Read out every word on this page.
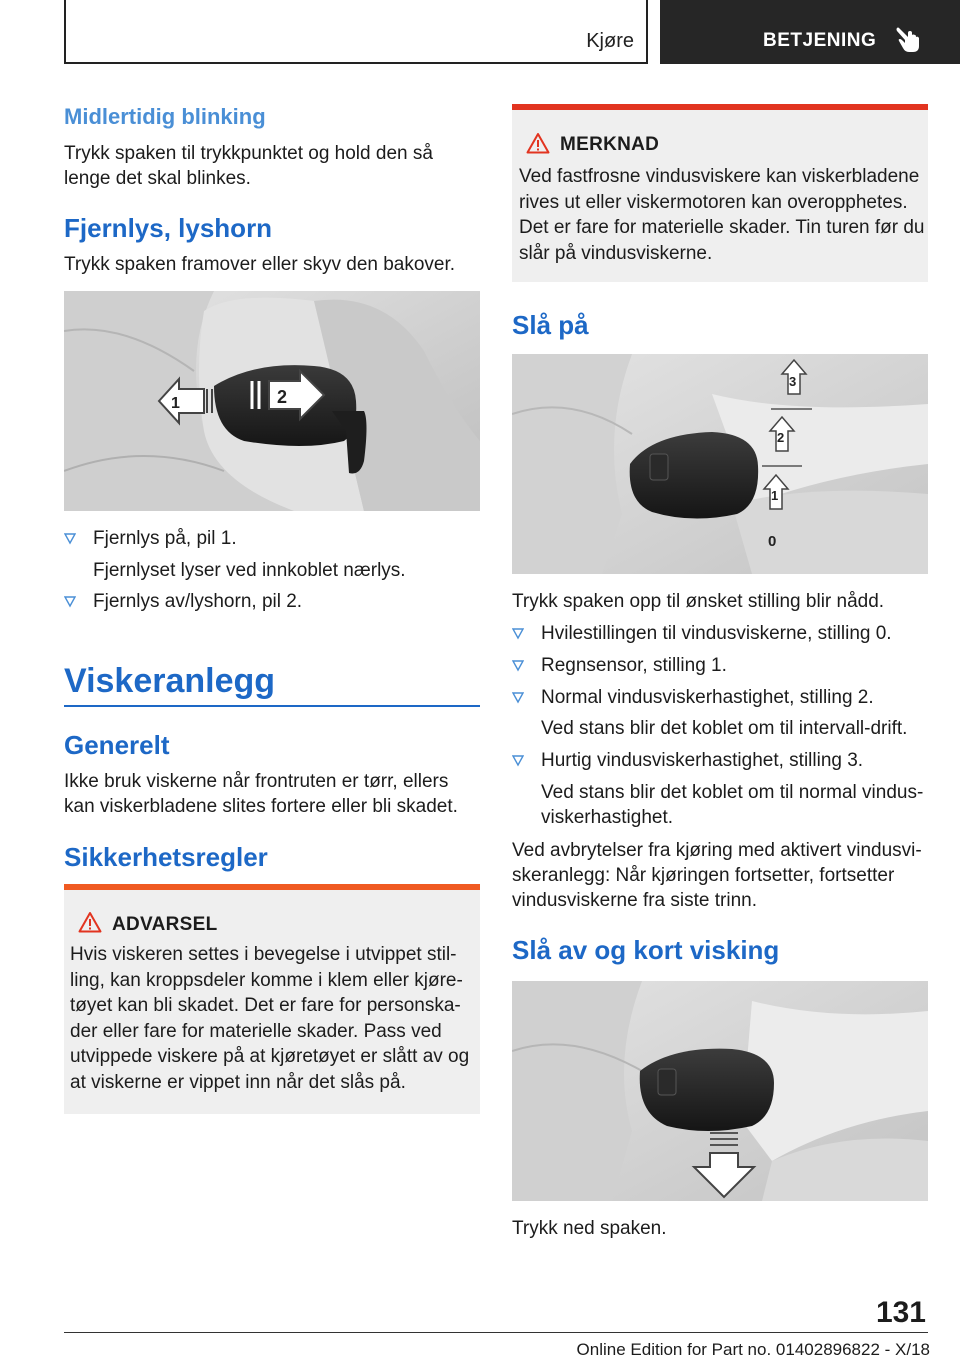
Kjøre	BETJENING
Midlertidig blinking

Trykk spaken til trykkpunktet og hold den så lenge det skal blinkes.

Fjernlys, lyshorn

Trykk spaken framover eller skyv den bakover.

1	2
Fjernlys på, pil 1.
Fjernlyset lyser ved innkoblet nærlys.
Fjernlys av/lyshorn, pil 2.
Viskeranlegg
Generelt

Ikke bruk viskerne når frontruten er tørr, ellers kan viskerbladene slites fortere eller bli skadet.

Sikkerhetsregler
ADVARSEL
Hvis viskeren settes i bevegelse i utvippet stilling, kan kroppsdeler komme i klem eller kjøretøyet kan bli skadet. Det er fare for personskader eller fare for materielle skader. Pass ved utvippede viskere på at kjøretøyet er slått av og at viskerne er vippet inn når det slås på.
MERKNAD
Ved fastfrosne vindusviskere kan viskerbladene rives ut eller viskermotoren kan overopphetes. Det er fare for materielle skader. Tin turen før du slår på vindusviskerne.
Slå på
3
2
1
0

Trykk spaken opp til ønsket stilling blir nådd.

Hvilestillingen til vindusviskerne, stilling 0.
Regnsensor, stilling 1.
Normal vindusviskerhastighet, stilling 2.
Ved stans blir det koblet om til intervall-drift.
Hurtig vindusviskerhastighet, stilling 3.
Ved stans blir det koblet om til normal vindusviskerhastighet.

Ved avbrytelser fra kjøring med aktivert vindusviskeranlegg: Når kjøringen fortsetter, fortsetter vindusviskerne fra siste trinn.

Slå av og kort visking

Trykk ned spaken.

131
Online Edition for Part no. 01402896822 - X/18
